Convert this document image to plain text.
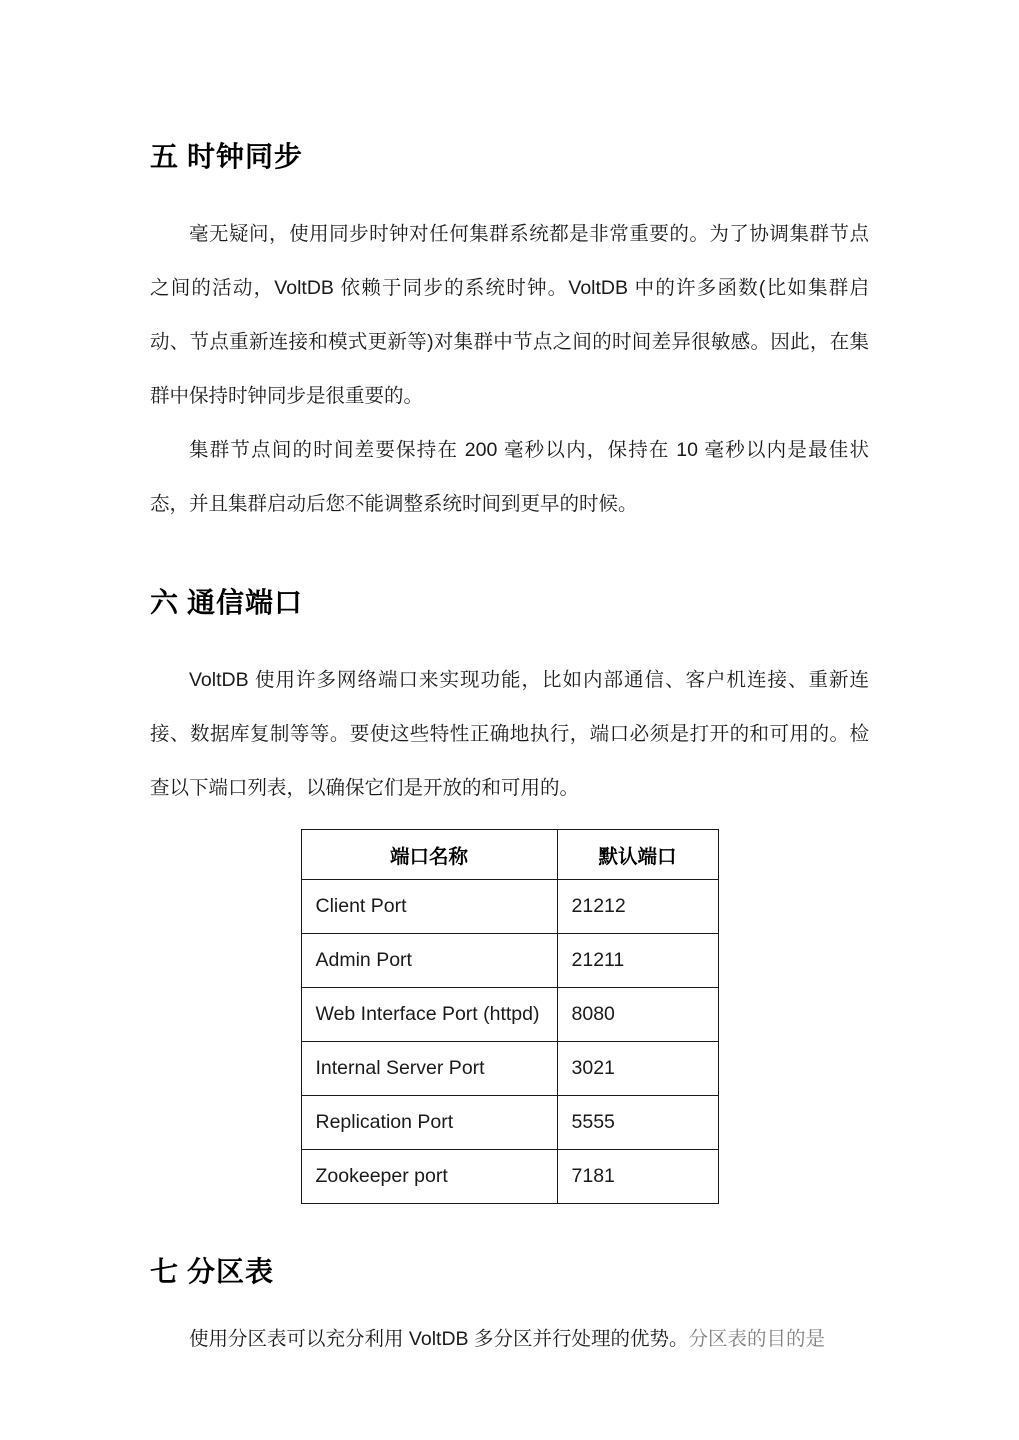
五 时钟同步

毫无疑问，使用同步时钟对任何集群系统都是非常重要的。为了协调集群节点之间的活动，VoltDB 依赖于同步的系统时钟。VoltDB 中的许多函数(比如集群启动、节点重新连接和模式更新等)对集群中节点之间的时间差异很敏感。因此，在集群中保持时钟同步是很重要的。

集群节点间的时间差要保持在 200 毫秒以内，保持在 10 毫秒以内是最佳状态，并且集群启动后您不能调整系统时间到更早的时候。

六 通信端口

VoltDB 使用许多网络端口来实现功能，比如内部通信、客户机连接、重新连接、数据库复制等等。要使这些特性正确地执行，端口必须是打开的和可用的。检查以下端口列表，以确保它们是开放的和可用的。

端口名称	默认端口
Client Port	21212
Admin Port	21211
Web Interface Port (httpd)	8080
Internal Server Port	3021
Replication Port	5555
Zookeeper port	7181
七 分区表

使用分区表可以充分利用 VoltDB 多分区并行处理的优势。分区表的目的是
